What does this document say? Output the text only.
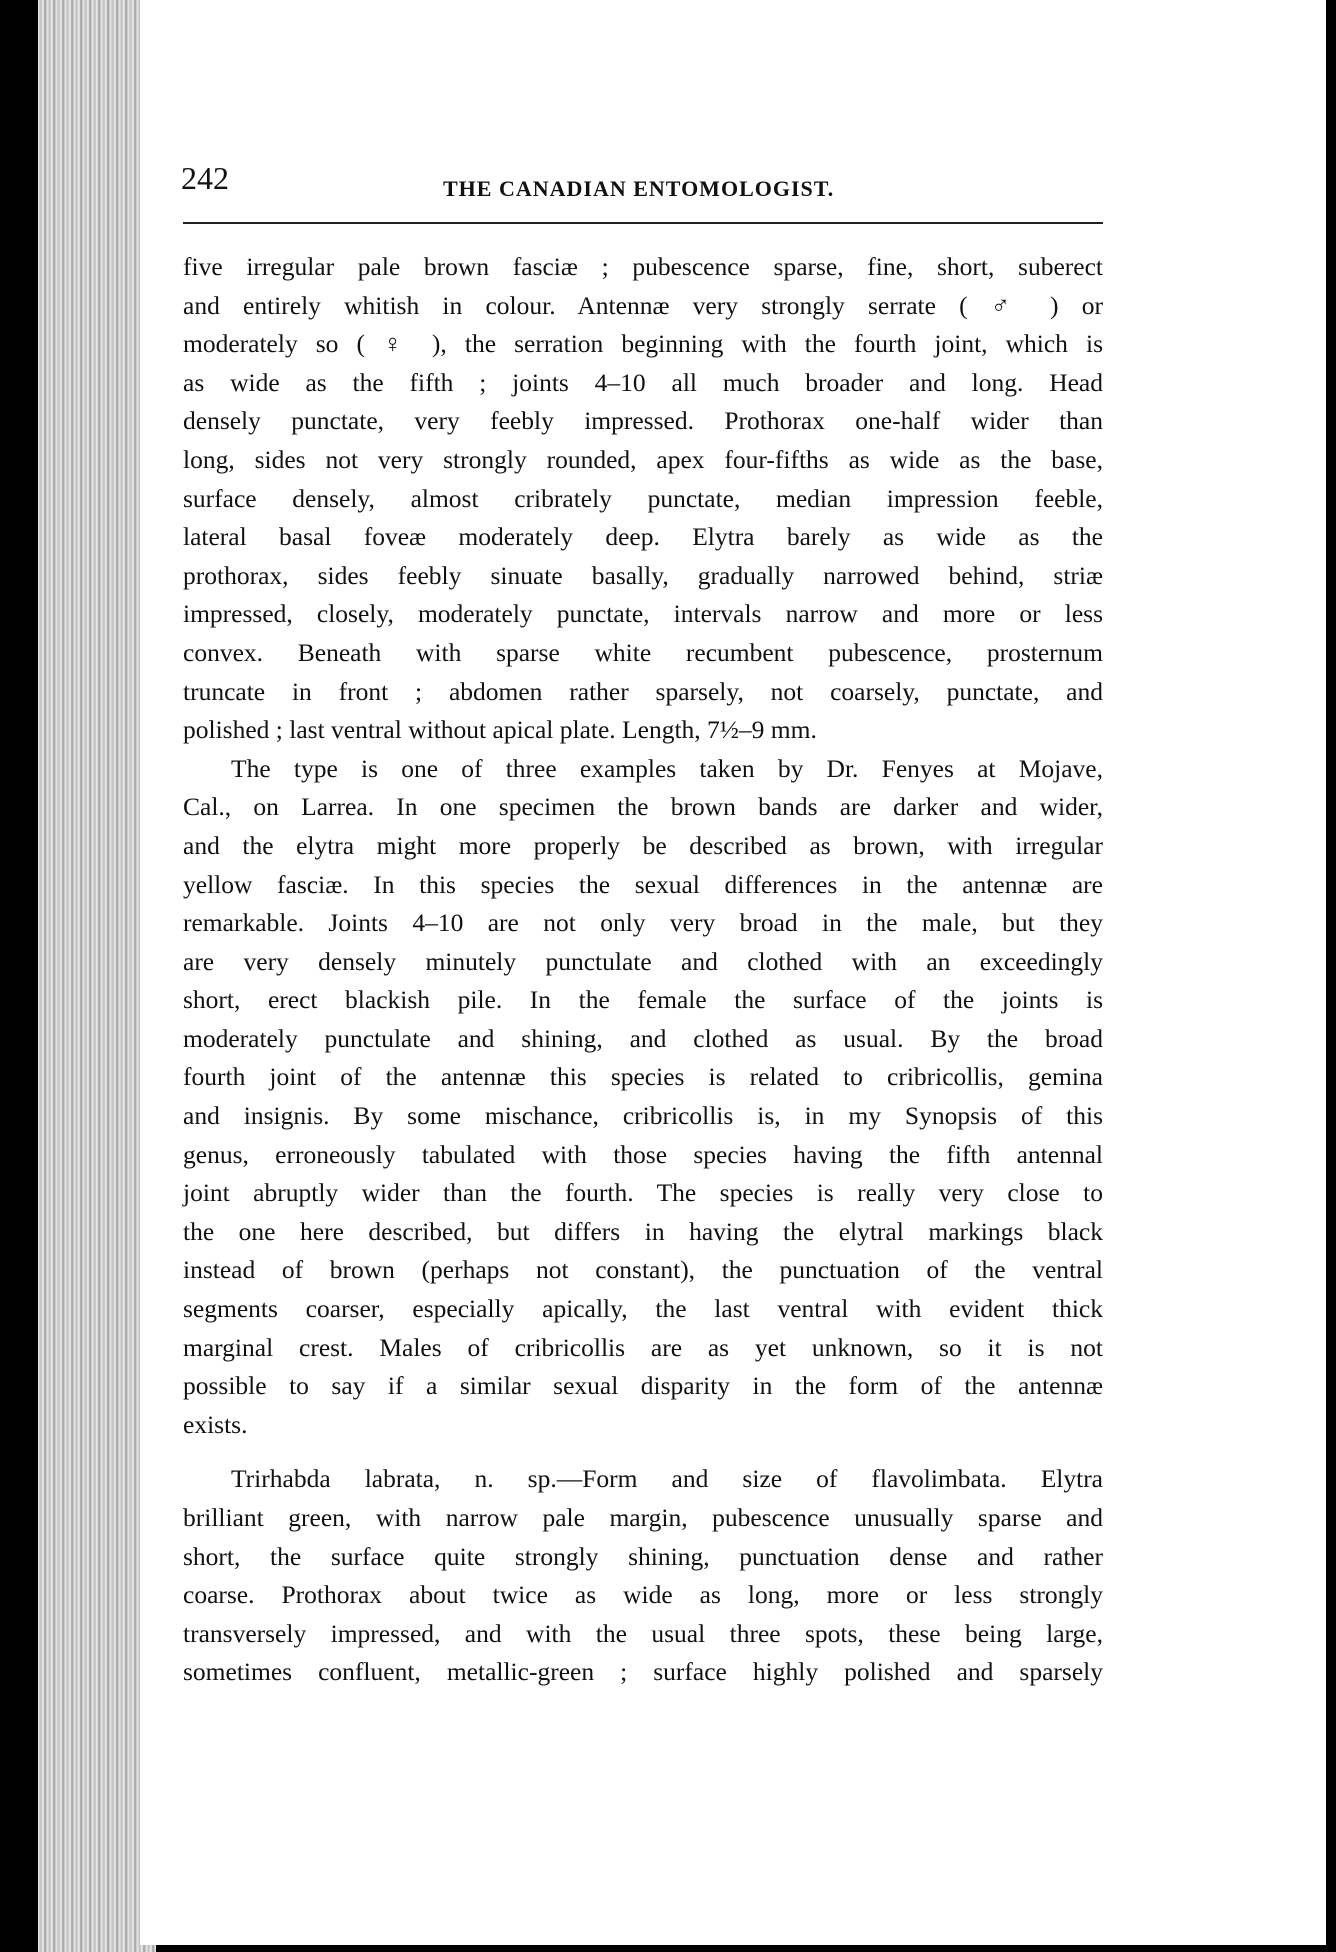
242	THE CANADIAN ENTOMOLOGIST.

five irregular pale brown fasciæ ; pubescence sparse, fine, short, suberect
and entirely whitish in colour. Antennæ very strongly serrate ( ♂ ) or
moderately so ( ♀ ), the serration beginning with the fourth joint, which is
as wide as the fifth ; joints 4–10 all much broader and long. Head
densely punctate, very feebly impressed. Prothorax one-half wider than
long, sides not very strongly rounded, apex four-fifths as wide as the base,
surface densely, almost cribrately punctate, median impression feeble,
lateral basal foveæ moderately deep. Elytra barely as wide as the
prothorax, sides feebly sinuate basally, gradually narrowed behind, striæ
impressed, closely, moderately punctate, intervals narrow and more or less
convex. Beneath with sparse white recumbent pubescence, prosternum
truncate in front ; abdomen rather sparsely, not coarsely, punctate, and
polished ; last ventral without apical plate. Length, 7½–9 mm.

The type is one of three examples taken by Dr. Fenyes at Mojave,
Cal., on Larrea. In one specimen the brown bands are darker and wider,
and the elytra might more properly be described as brown, with irregular
yellow fasciæ. In this species the sexual differences in the antennæ are
remarkable. Joints 4–10 are not only very broad in the male, but they
are very densely minutely punctulate and clothed with an exceedingly
short, erect blackish pile. In the female the surface of the joints is
moderately punctulate and shining, and clothed as usual. By the broad
fourth joint of the antennæ this species is related to cribricollis, gemina
and insignis. By some mischance, cribricollis is, in my Synopsis of this
genus, erroneously tabulated with those species having the fifth antennal
joint abruptly wider than the fourth. The species is really very close to
the one here described, but differs in having the elytral markings black
instead of brown (perhaps not constant), the punctuation of the ventral
segments coarser, especially apically, the last ventral with evident thick
marginal crest. Males of cribricollis are as yet unknown, so it is not
possible to say if a similar sexual disparity in the form of the antennæ
exists.

Trirhabda labrata, n. sp.—Form and size of flavolimbata. Elytra
brilliant green, with narrow pale margin, pubescence unusually sparse and
short, the surface quite strongly shining, punctuation dense and rather
coarse. Prothorax about twice as wide as long, more or less strongly
transversely impressed, and with the usual three spots, these being large,
sometimes confluent, metallic-green ; surface highly polished and sparsely
